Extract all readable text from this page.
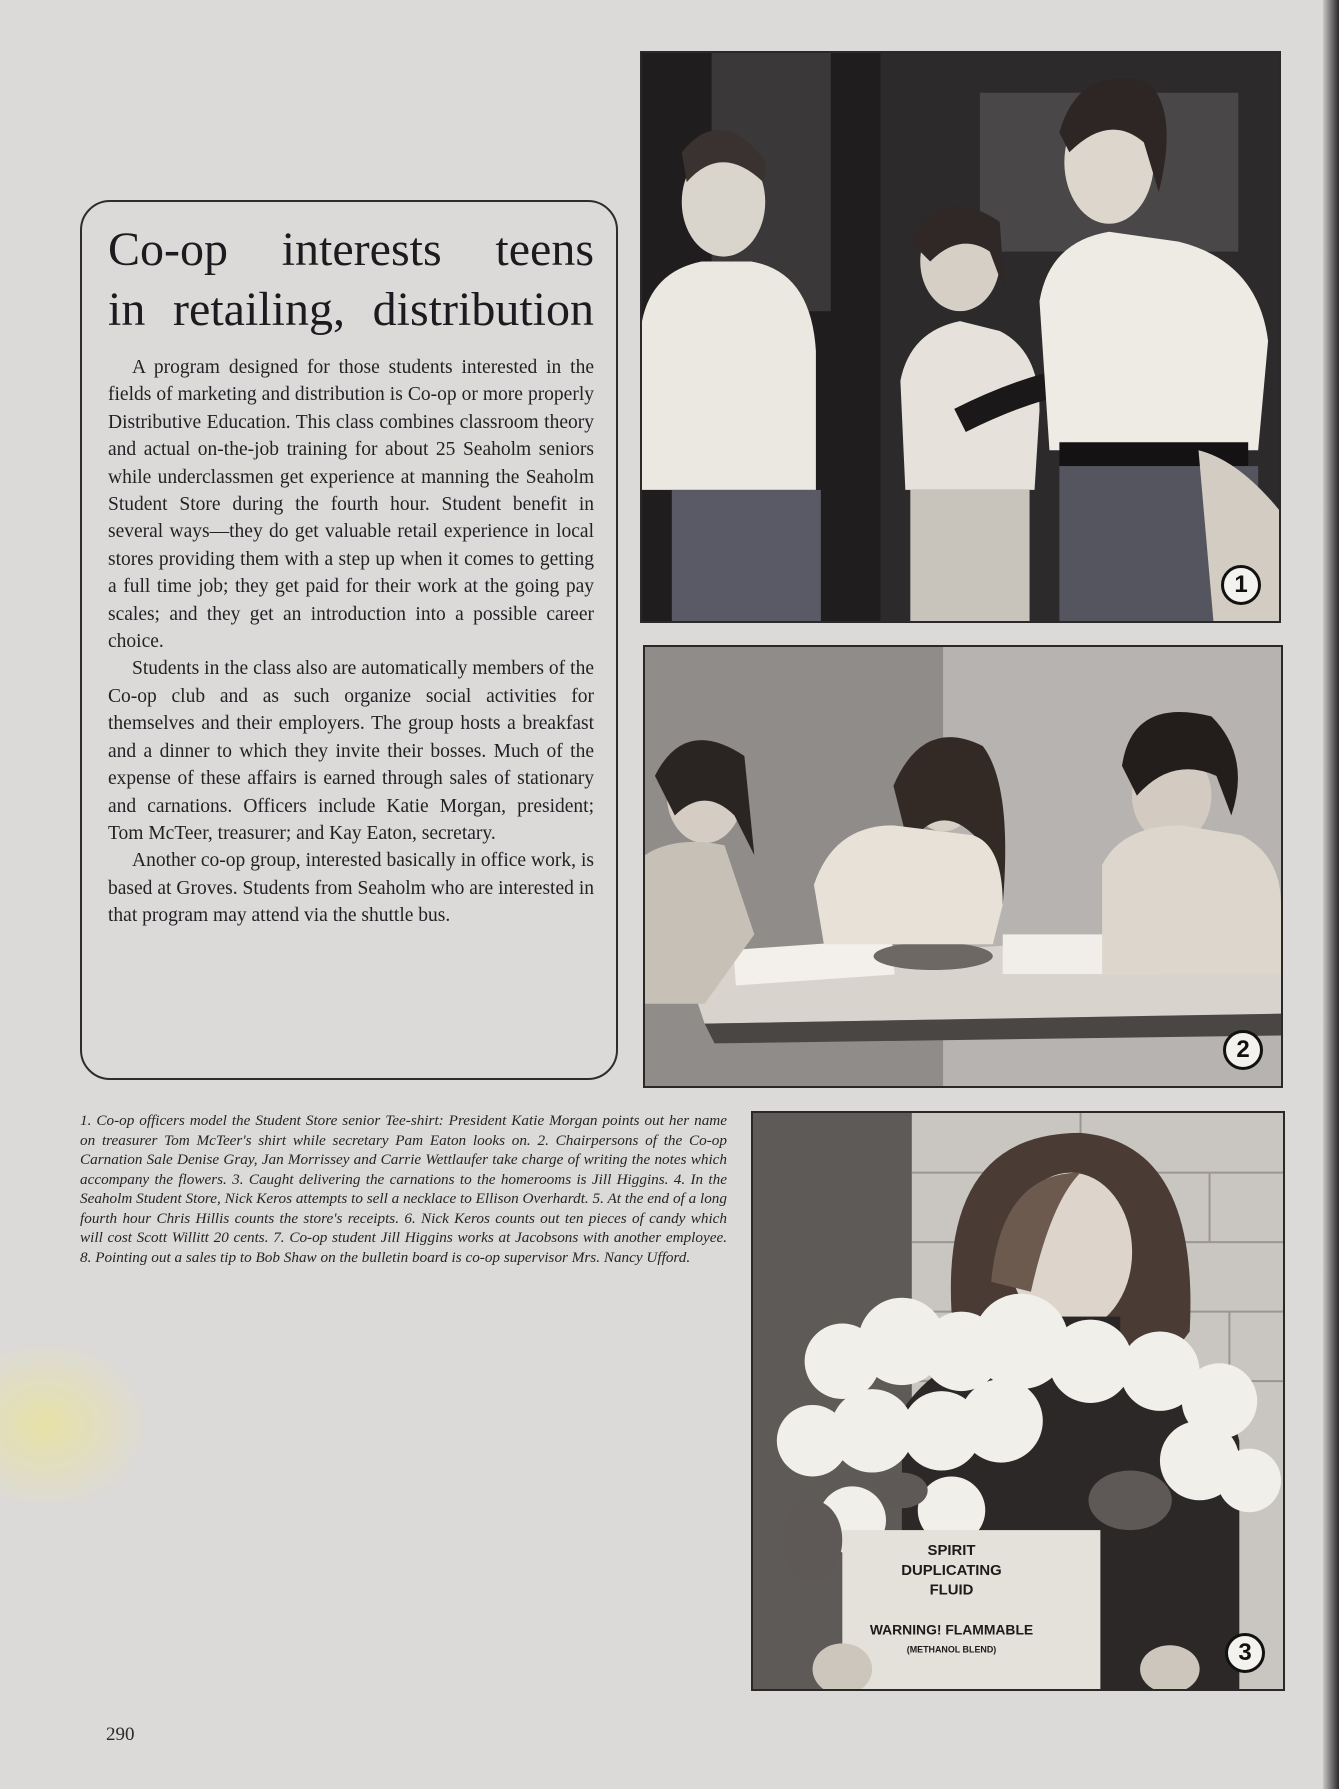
Co-op interests teens
in retailing, distribution

A program designed for those students interested in the fields of marketing and distribution is Co-op or more properly Distributive Education. This class combines classroom theory and actual on-the-job training for about 25 Seaholm seniors while underclassmen get experience at manning the Seaholm Student Store during the fourth hour. Student benefit in several ways—they do get valuable retail experience in local stores providing them with a step up when it comes to getting a full time job; they get paid for their work at the going pay scales; and they get an introduction into a possible career choice.

Students in the class also are automatically members of the Co-op club and as such organize social activities for themselves and their employers. The group hosts a breakfast and a dinner to which they invite their bosses. Much of the expense of these affairs is earned through sales of stationary and carnations. Officers include Katie Morgan, president; Tom McTeer, treasurer; and Kay Eaton, secretary.

Another co-op group, interested basically in office work, is based at Groves. Students from Seaholm who are interested in that program may attend via the shuttle bus.

1
2
SPIRIT
DUPLICATING
FLUID
WARNING! FLAMMABLE
(METHANOL BLEND)	3
1. Co-op officers model the Student Store senior Tee-shirt: President Katie Morgan points out her name on treasurer Tom McTeer's shirt while secretary Pam Eaton looks on. 2. Chairpersons of the Co-op Carnation Sale Denise Gray, Jan Morrissey and Carrie Wettlaufer take charge of writing the notes which accompany the flowers. 3. Caught delivering the carnations to the homerooms is Jill Higgins. 4. In the Seaholm Student Store, Nick Keros attempts to sell a necklace to Ellison Overhardt. 5. At the end of a long fourth hour Chris Hillis counts the store's receipts. 6. Nick Keros counts out ten pieces of candy which will cost Scott Willitt 20 cents. 7. Co-op student Jill Higgins works at Jacobsons with another employee. 8. Pointing out a sales tip to Bob Shaw on the bulletin board is co-op supervisor Mrs. Nancy Ufford.
290
